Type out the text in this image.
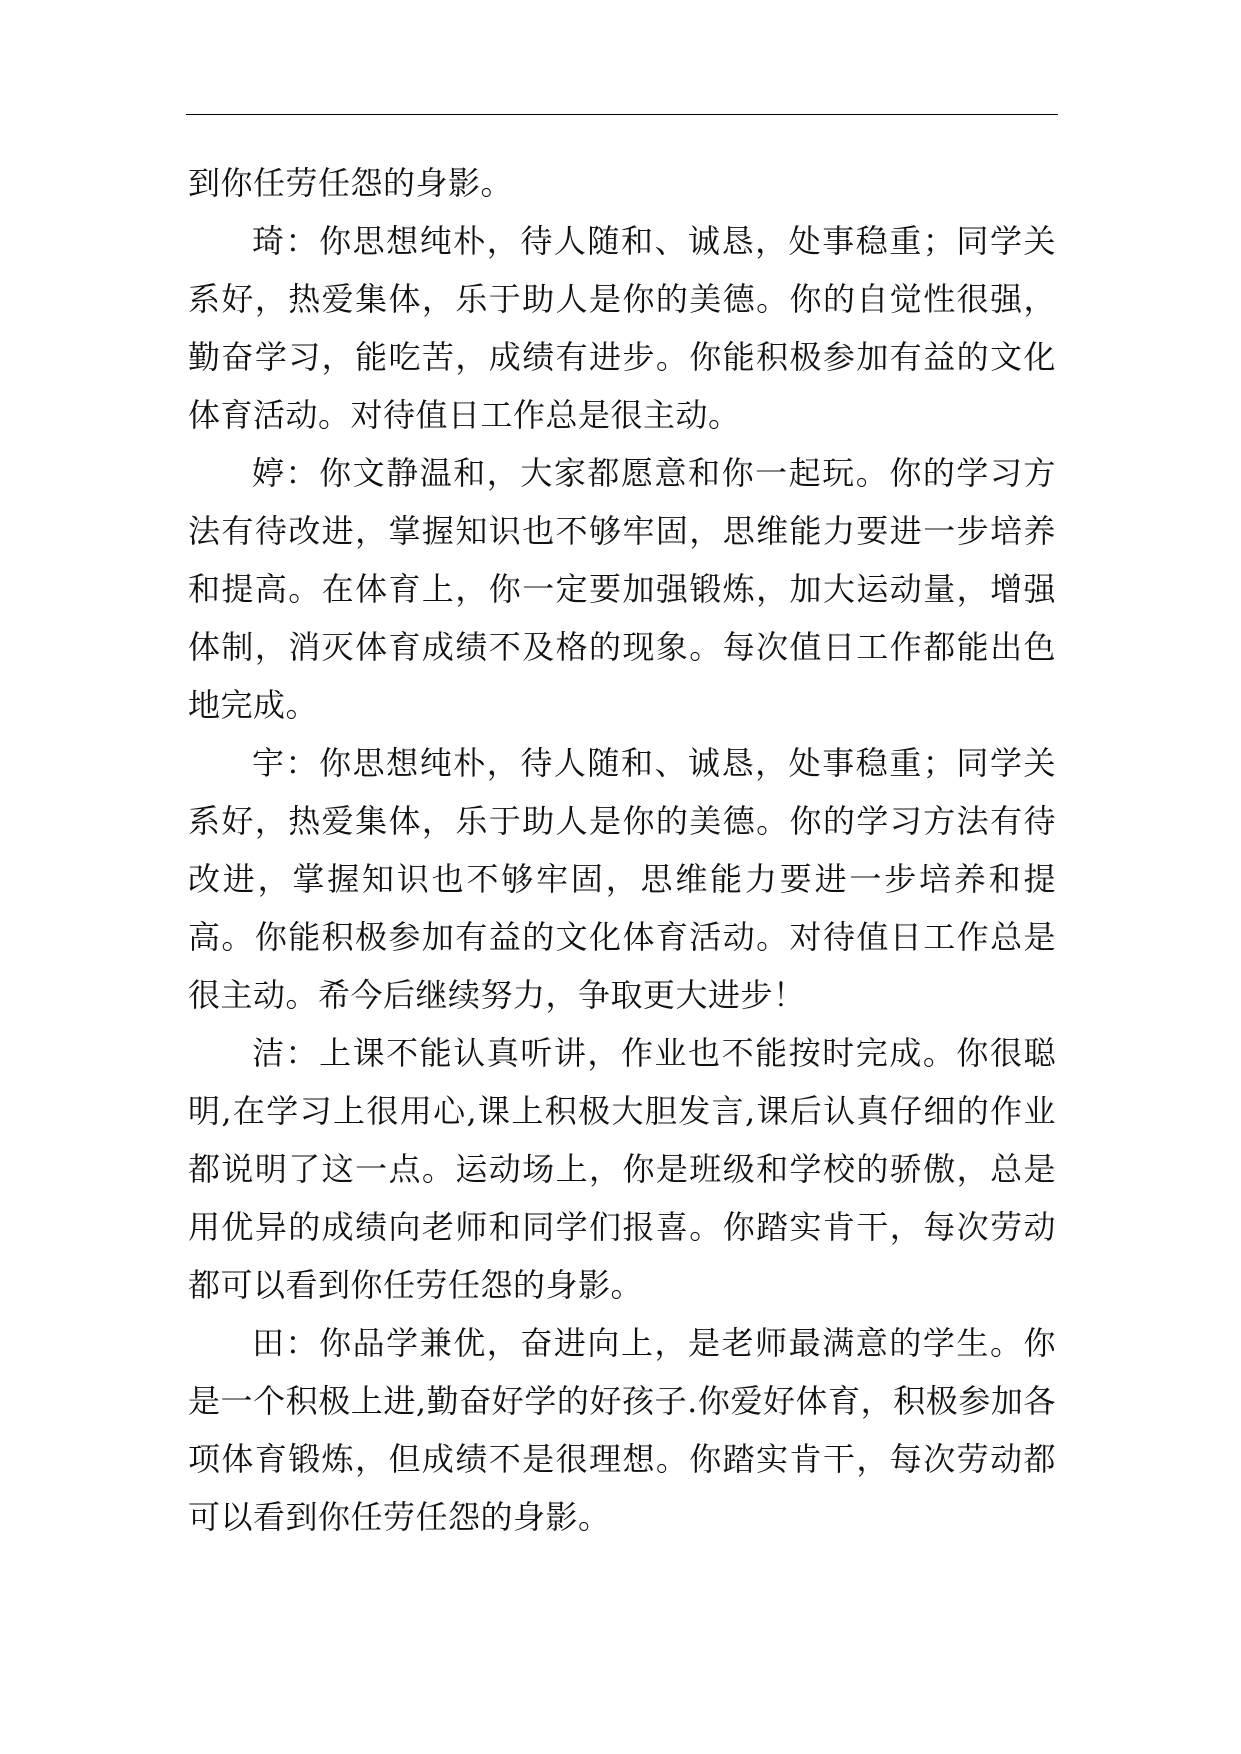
到你任劳任怨的身影。

琦：你思想纯朴，待人随和、诚恳，处事稳重；同学关系好，热爱集体，乐于助人是你的美德。你的自觉性很强，勤奋学习，能吃苦，成绩有进步。你能积极参加有益的文化体育活动。对待值日工作总是很主动。

婷：你文静温和，大家都愿意和你一起玩。你的学习方法有待改进，掌握知识也不够牢固，思维能力要进一步培养和提高。在体育上，你一定要加强锻炼，加大运动量，增强体制，消灭体育成绩不及格的现象。每次值日工作都能出色地完成。

宇：你思想纯朴，待人随和、诚恳，处事稳重；同学关系好，热爱集体，乐于助人是你的美德。你的学习方法有待改进，掌握知识也不够牢固，思维能力要进一步培养和提高。你能积极参加有益的文化体育活动。对待值日工作总是很主动。希今后继续努力，争取更大进步！

洁：上课不能认真听讲，作业也不能按时完成。你很聪明,在学习上很用心,课上积极大胆发言,课后认真仔细的作业都说明了这一点。运动场上，你是班级和学校的骄傲，总是用优异的成绩向老师和同学们报喜。你踏实肯干，每次劳动都可以看到你任劳任怨的身影。

田：你品学兼优，奋进向上，是老师最满意的学生。你是一个积极上进,勤奋好学的好孩子.你爱好体育，积极参加各项体育锻炼，但成绩不是很理想。你踏实肯干，每次劳动都可以看到你任劳任怨的身影。
